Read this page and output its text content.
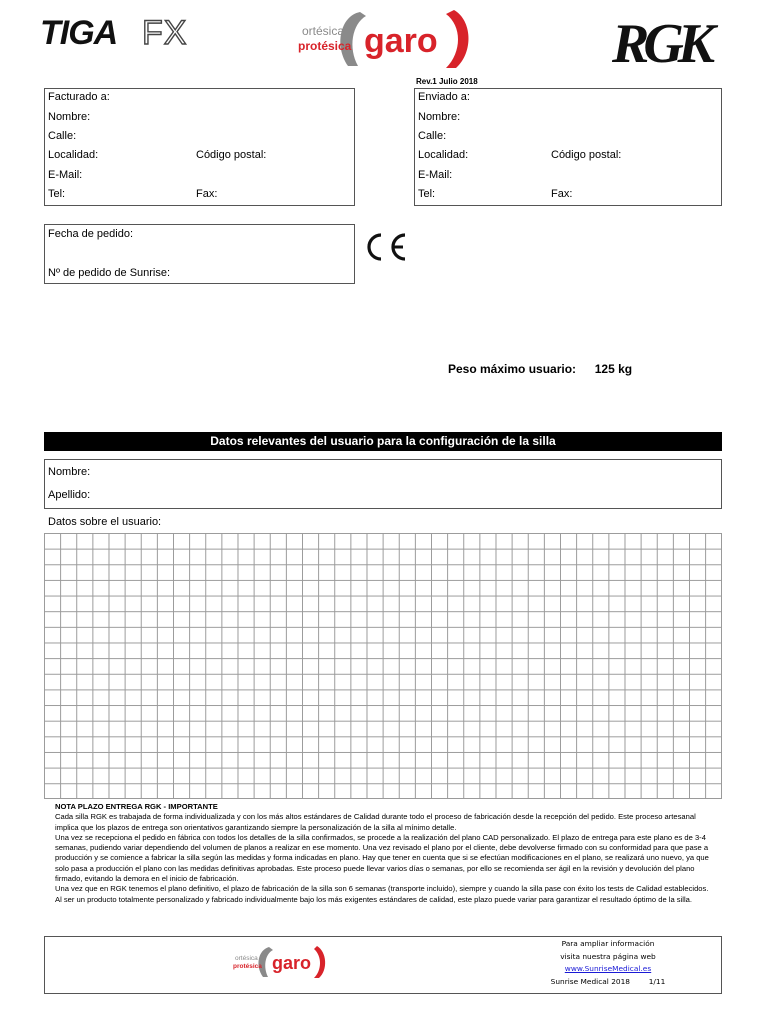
TIGA FX	ortésica
protésica garo	RGK
Rev.1 Julio 2018
Facturado a:
Nombre:
Calle:
Localidad:	Código postal:
E-Mail:
Tel:	Fax:
Enviado a:
Nombre:
Calle:
Localidad:	Código postal:
E-Mail:
Tel:	Fax:
Fecha de pedido:
Nº de pedido de Sunrise:
Peso máximo usuario: 125 kg
Datos relevantes del usuario para la configuración de la silla
Nombre:
Apellido:
Datos sobre el usuario:
NOTA PLAZO ENTREGA RGK - IMPORTANTE
Cada silla RGK es trabajada de forma individualizada y con los más altos estándares de Calidad durante todo el proceso de fabricación desde la recepción del pedido. Este proceso artesanal implica que los plazos de entrega son orientativos garantizando siempre la personalización de la silla al mínimo detalle.
Una vez se recepciona el pedido en fábrica con todos los detalles de la silla confirmados, se procede a la realización del plano CAD personalizado. El plazo de entrega para este plano es de 3-4 semanas, pudiendo variar dependiendo del volumen de planos a realizar en ese momento. Una vez revisado el plano por el cliente, debe devolverse firmado con su conformidad para que pase a producción y se comience a fabricar la silla según las medidas y forma indicadas en plano. Hay que tener en cuenta que si se efectúan modificaciones en el plano, se realizará uno nuevo, ya que solo pasa a producción el plano con las medidas definitivas aprobadas. Este proceso puede llevar varios días o semanas, por ello se recomienda ser ágil en la revisión y devolución del plano firmado, evitando la demora en el inicio de fabricación.
Una vez que en RGK tenemos el plano definitivo, el plazo de fabricación de la silla son 6 semanas (transporte incluido), siempre y cuando la silla pase con éxito los tests de Calidad establecidos. Al ser un producto totalmente personalizado y fabricado individualmente bajo los más exigentes estándares de calidad, este plazo puede variar para garantizar el resultado óptimo de la silla.
ortésica
protésica garo
Para ampliar información
visita nuestra página web
www.SunriseMedical.es
Sunrise Medical 2018	1/11
